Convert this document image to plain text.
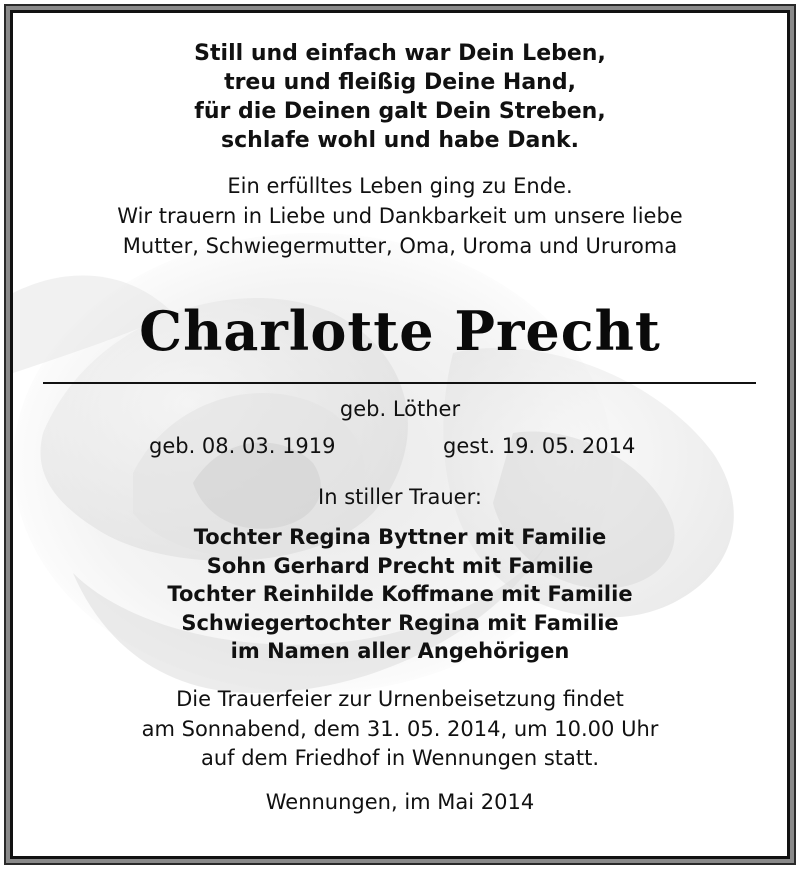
Still und einfach war Dein Leben,
treu und fleißig Deine Hand,
für die Deinen galt Dein Streben,
schlafe wohl und habe Dank.
Ein erfülltes Leben ging zu Ende.
Wir trauern in Liebe und Dankbarkeit um unsere liebe
Mutter, Schwiegermutter, Oma, Uroma und Ururoma
Charlotte Precht
geb. Löther
geb. 08. 03. 1919	gest. 19. 05. 2014
In stiller Trauer:
Tochter Regina Byttner mit Familie
Sohn Gerhard Precht mit Familie
Tochter Reinhilde Koffmane mit Familie
Schwiegertochter Regina mit Familie
im Namen aller Angehörigen
Die Trauerfeier zur Urnenbeisetzung findet
am Sonnabend, dem 31. 05. 2014, um 10.00 Uhr
auf dem Friedhof in Wennungen statt.
Wennungen, im Mai 2014
